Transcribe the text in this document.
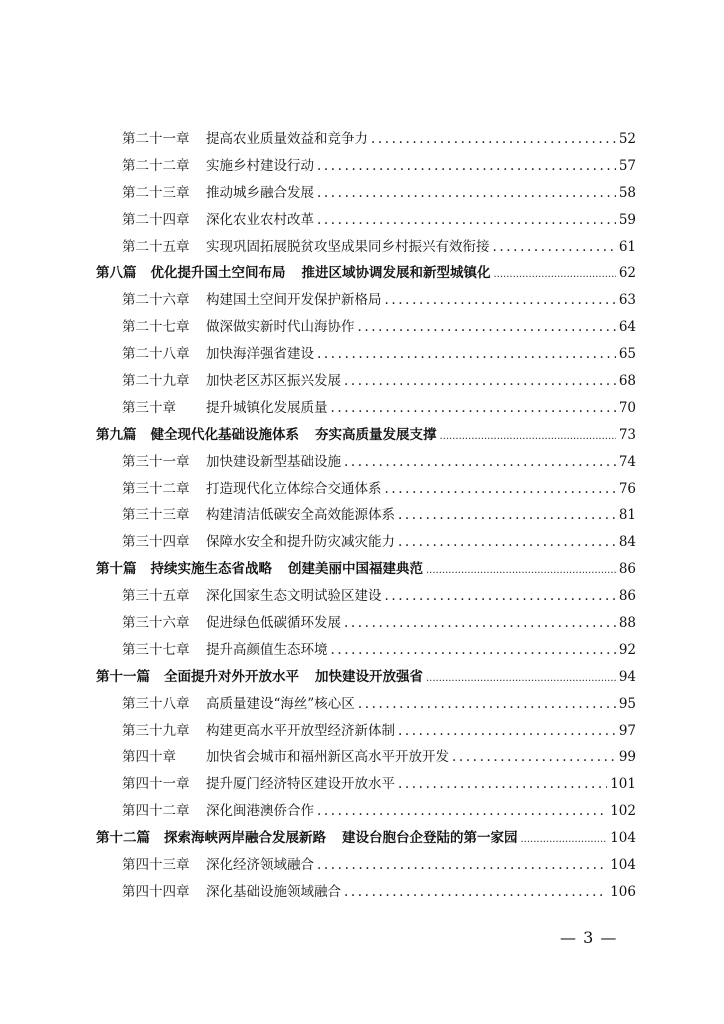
第二十一章	提高农业质量效益和竞争力 .....	52
第二十二章	实施乡村建设行动 .....	57
第二十三章	推动城乡融合发展 .....	58
第二十四章	深化农业农村改革 .....	59
第二十五章	实现巩固拓展脱贫攻坚成果同乡村振兴有效衔接 .....	61
第八篇 优化提升国土空间布局 推进区域协调发展和新型城镇化 .....	62
第二十六章	构建国土空间开发保护新格局 .....	63
第二十七章	做深做实新时代山海协作 .....	64
第二十八章	加快海洋强省建设 .....	65
第二十九章	加快老区苏区振兴发展 .....	68
第三十章	提升城镇化发展质量 .....	70
第九篇 健全现代化基础设施体系 夯实高质量发展支撑 .....	73
第三十一章	加快建设新型基础设施 .....	74
第三十二章	打造现代化立体综合交通体系 .....	76
第三十三章	构建清洁低碳安全高效能源体系 .....	81
第三十四章	保障水安全和提升防灾减灾能力 .....	84
第十篇 持续实施生态省战略 创建美丽中国福建典范 .....	86
第三十五章	深化国家生态文明试验区建设 .....	86
第三十六章	促进绿色低碳循环发展 .....	88
第三十七章	提升高颜值生态环境 .....	92
第十一篇 全面提升对外开放水平 加快建设开放强省 .....	94
第三十八章	高质量建设“海丝”核心区 .....	95
第三十九章	构建更高水平开放型经济新体制 .....	97
第四十章	加快省会城市和福州新区高水平开放开发 .....	99
第四十一章	提升厦门经济特区建设开放水平 .....	101
第四十二章	深化闽港澳侨合作 .....	102
第十二篇 探索海峡两岸融合发展新路 建设台胞台企登陆的第一家园 .....	104
第四十三章	深化经济领域融合 .....	104
第四十四章	深化基础设施领域融合 .....	106
— 3 —
